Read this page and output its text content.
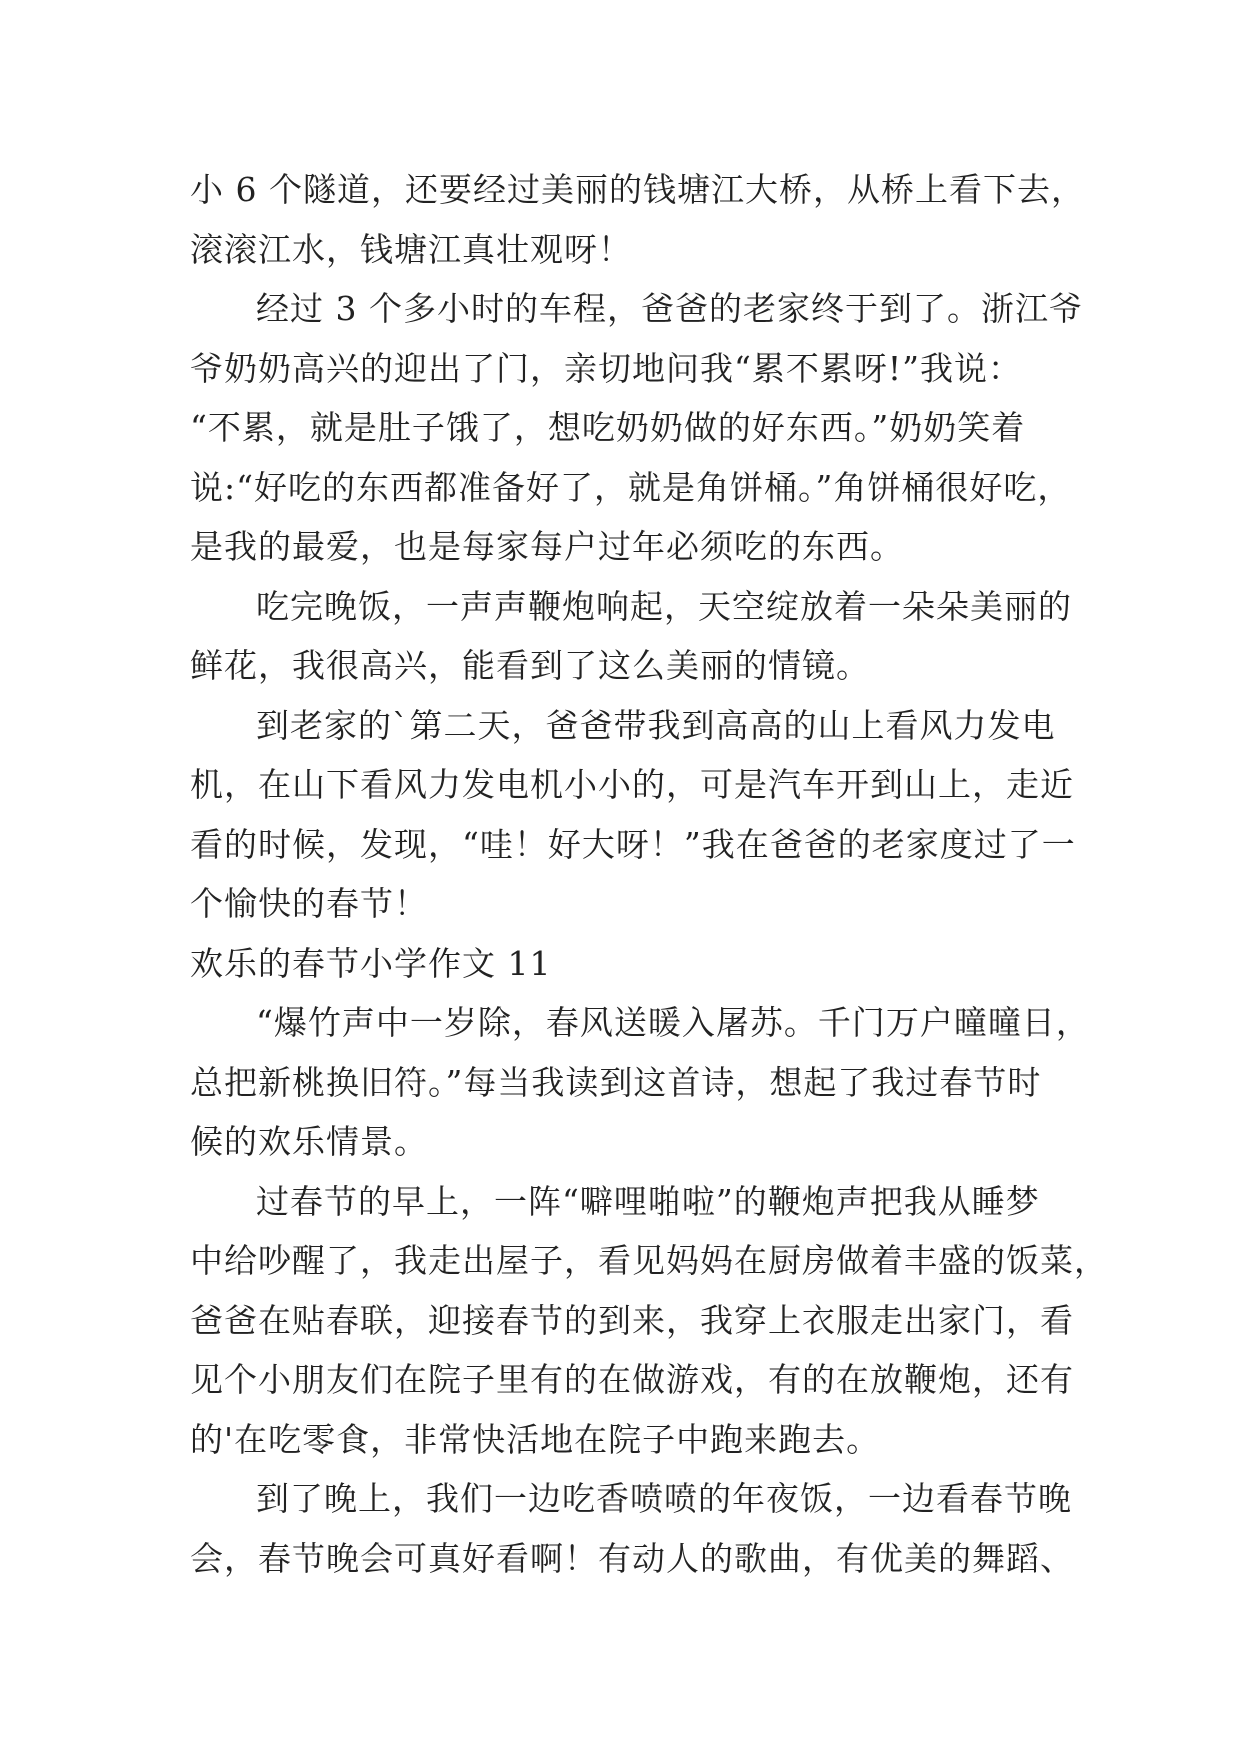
小 6 个隧道，还要经过美丽的钱塘江大桥，从桥上看下去，
滚滚江水，钱塘江真壮观呀！

经过 3 个多小时的车程，爸爸的老家终于到了。浙江爷
爷奶奶高兴的迎出了门，亲切地问我“累不累呀!”我说：
“不累，就是肚子饿了，想吃奶奶做的好东西。”奶奶笑着
说:“好吃的东西都准备好了，就是角饼桶。”角饼桶很好吃，
是我的最爱，也是每家每户过年必须吃的东西。

吃完晚饭，一声声鞭炮响起，天空绽放着一朵朵美丽的
鲜花，我很高兴，能看到了这么美丽的情镜。

到老家的`第二天，爸爸带我到高高的山上看风力发电
机，在山下看风力发电机小小的，可是汽车开到山上，走近
看的时候，发现，“哇！好大呀！”我在爸爸的老家度过了一
个愉快的春节！

欢乐的春节小学作文 11

“爆竹声中一岁除，春风送暖入屠苏。千门万户曈曈日，
总把新桃换旧符。”每当我读到这首诗，想起了我过春节时
候的欢乐情景。

过春节的早上，一阵“噼哩啪啦”的鞭炮声把我从睡梦
中给吵醒了，我走出屋子，看见妈妈在厨房做着丰盛的饭菜，
爸爸在贴春联，迎接春节的到来，我穿上衣服走出家门，看
见个小朋友们在院子里有的在做游戏，有的在放鞭炮，还有
的'在吃零食，非常快活地在院子中跑来跑去。

到了晚上，我们一边吃香喷喷的年夜饭，一边看春节晚
会，春节晚会可真好看啊！有动人的歌曲，有优美的舞蹈、
